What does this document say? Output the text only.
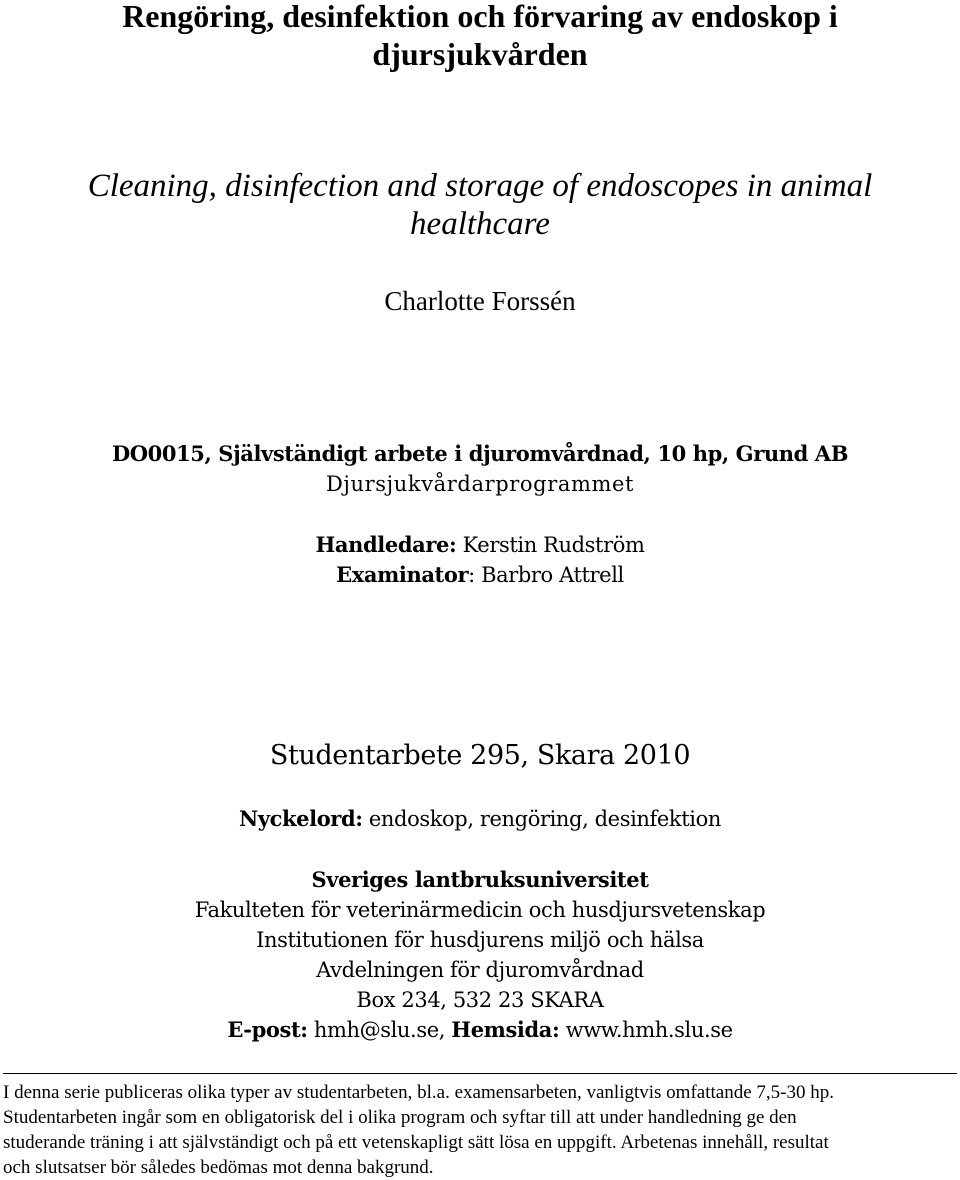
Rengöring, desinfektion och förvaring av endoskop i
djursjukvården
Cleaning, disinfection and storage of endoscopes in animal
healthcare
Charlotte Forssén
DO0015, Självständigt arbete i djuromvårdnad, 10 hp, Grund AB
Djursjukvårdarprogrammet
Handledare: Kerstin Rudström
Examinator: Barbro Attrell
Studentarbete 295, Skara 2010
Nyckelord: endoskop, rengöring, desinfektion
Sveriges lantbruksuniversitet
Fakulteten för veterinärmedicin och husdjursvetenskap
Institutionen för husdjurens miljö och hälsa
Avdelningen för djuromvårdnad
Box 234, 532 23 SKARA
E-post: hmh@slu.se, Hemsida: www.hmh.slu.se

I denna serie publiceras olika typer av studentarbeten, bl.a. examensarbeten, vanligtvis omfattande 7,5-30 hp.

Studentarbeten ingår som en obligatorisk del i olika program och syftar till att under handledning ge den

studerande träning i att självständigt och på ett vetenskapligt sätt lösa en uppgift. Arbetenas innehåll, resultat

och slutsatser bör således bedömas mot denna bakgrund.
